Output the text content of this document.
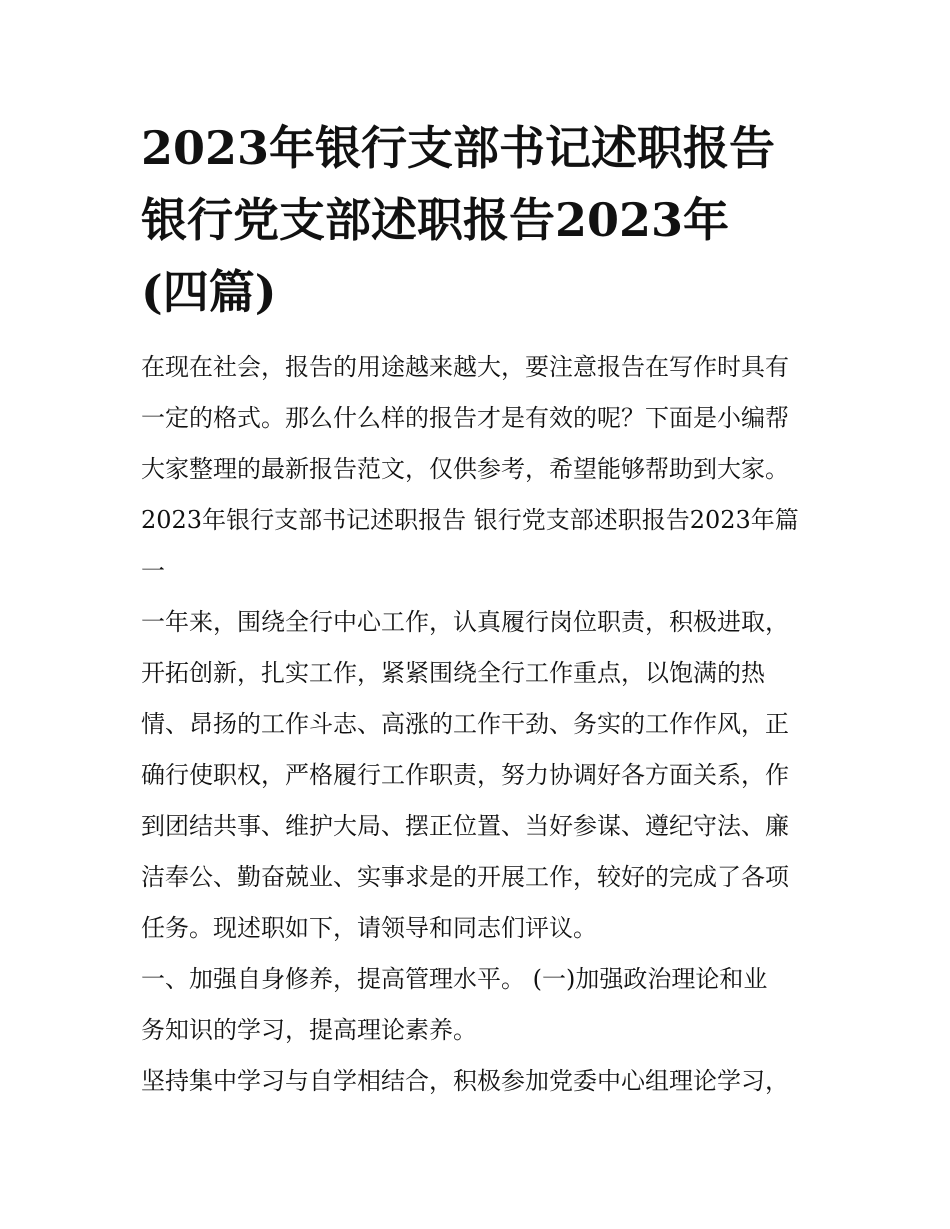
2023年银行支部书记述职报告
银行党支部述职报告2023年
(四篇)

在现在社会，报告的用途越来越大，要注意报告在写作时具有
一定的格式。那么什么样的报告才是有效的呢？下面是小编帮
大家整理的最新报告范文，仅供参考，希望能够帮助到大家。
2023年银行支部书记述职报告 银行党支部述职报告2023年篇
一

一年来，围绕全行中心工作，认真履行岗位职责，积极进取，
开拓创新，扎实工作，紧紧围绕全行工作重点，以饱满的热
情、昂扬的工作斗志、高涨的工作干劲、务实的工作作风，正
确行使职权，严格履行工作职责，努力协调好各方面关系，作
到团结共事、维护大局、摆正位置、当好参谋、遵纪守法、廉
洁奉公、勤奋兢业、实事求是的开展工作，较好的完成了各项
任务。现述职如下，请领导和同志们评议。

一、加强自身修养，提高管理水平。 (一)加强政治理论和业
务知识的学习，提高理论素养。

坚持集中学习与自学相结合，积极参加党委中心组理论学习，
